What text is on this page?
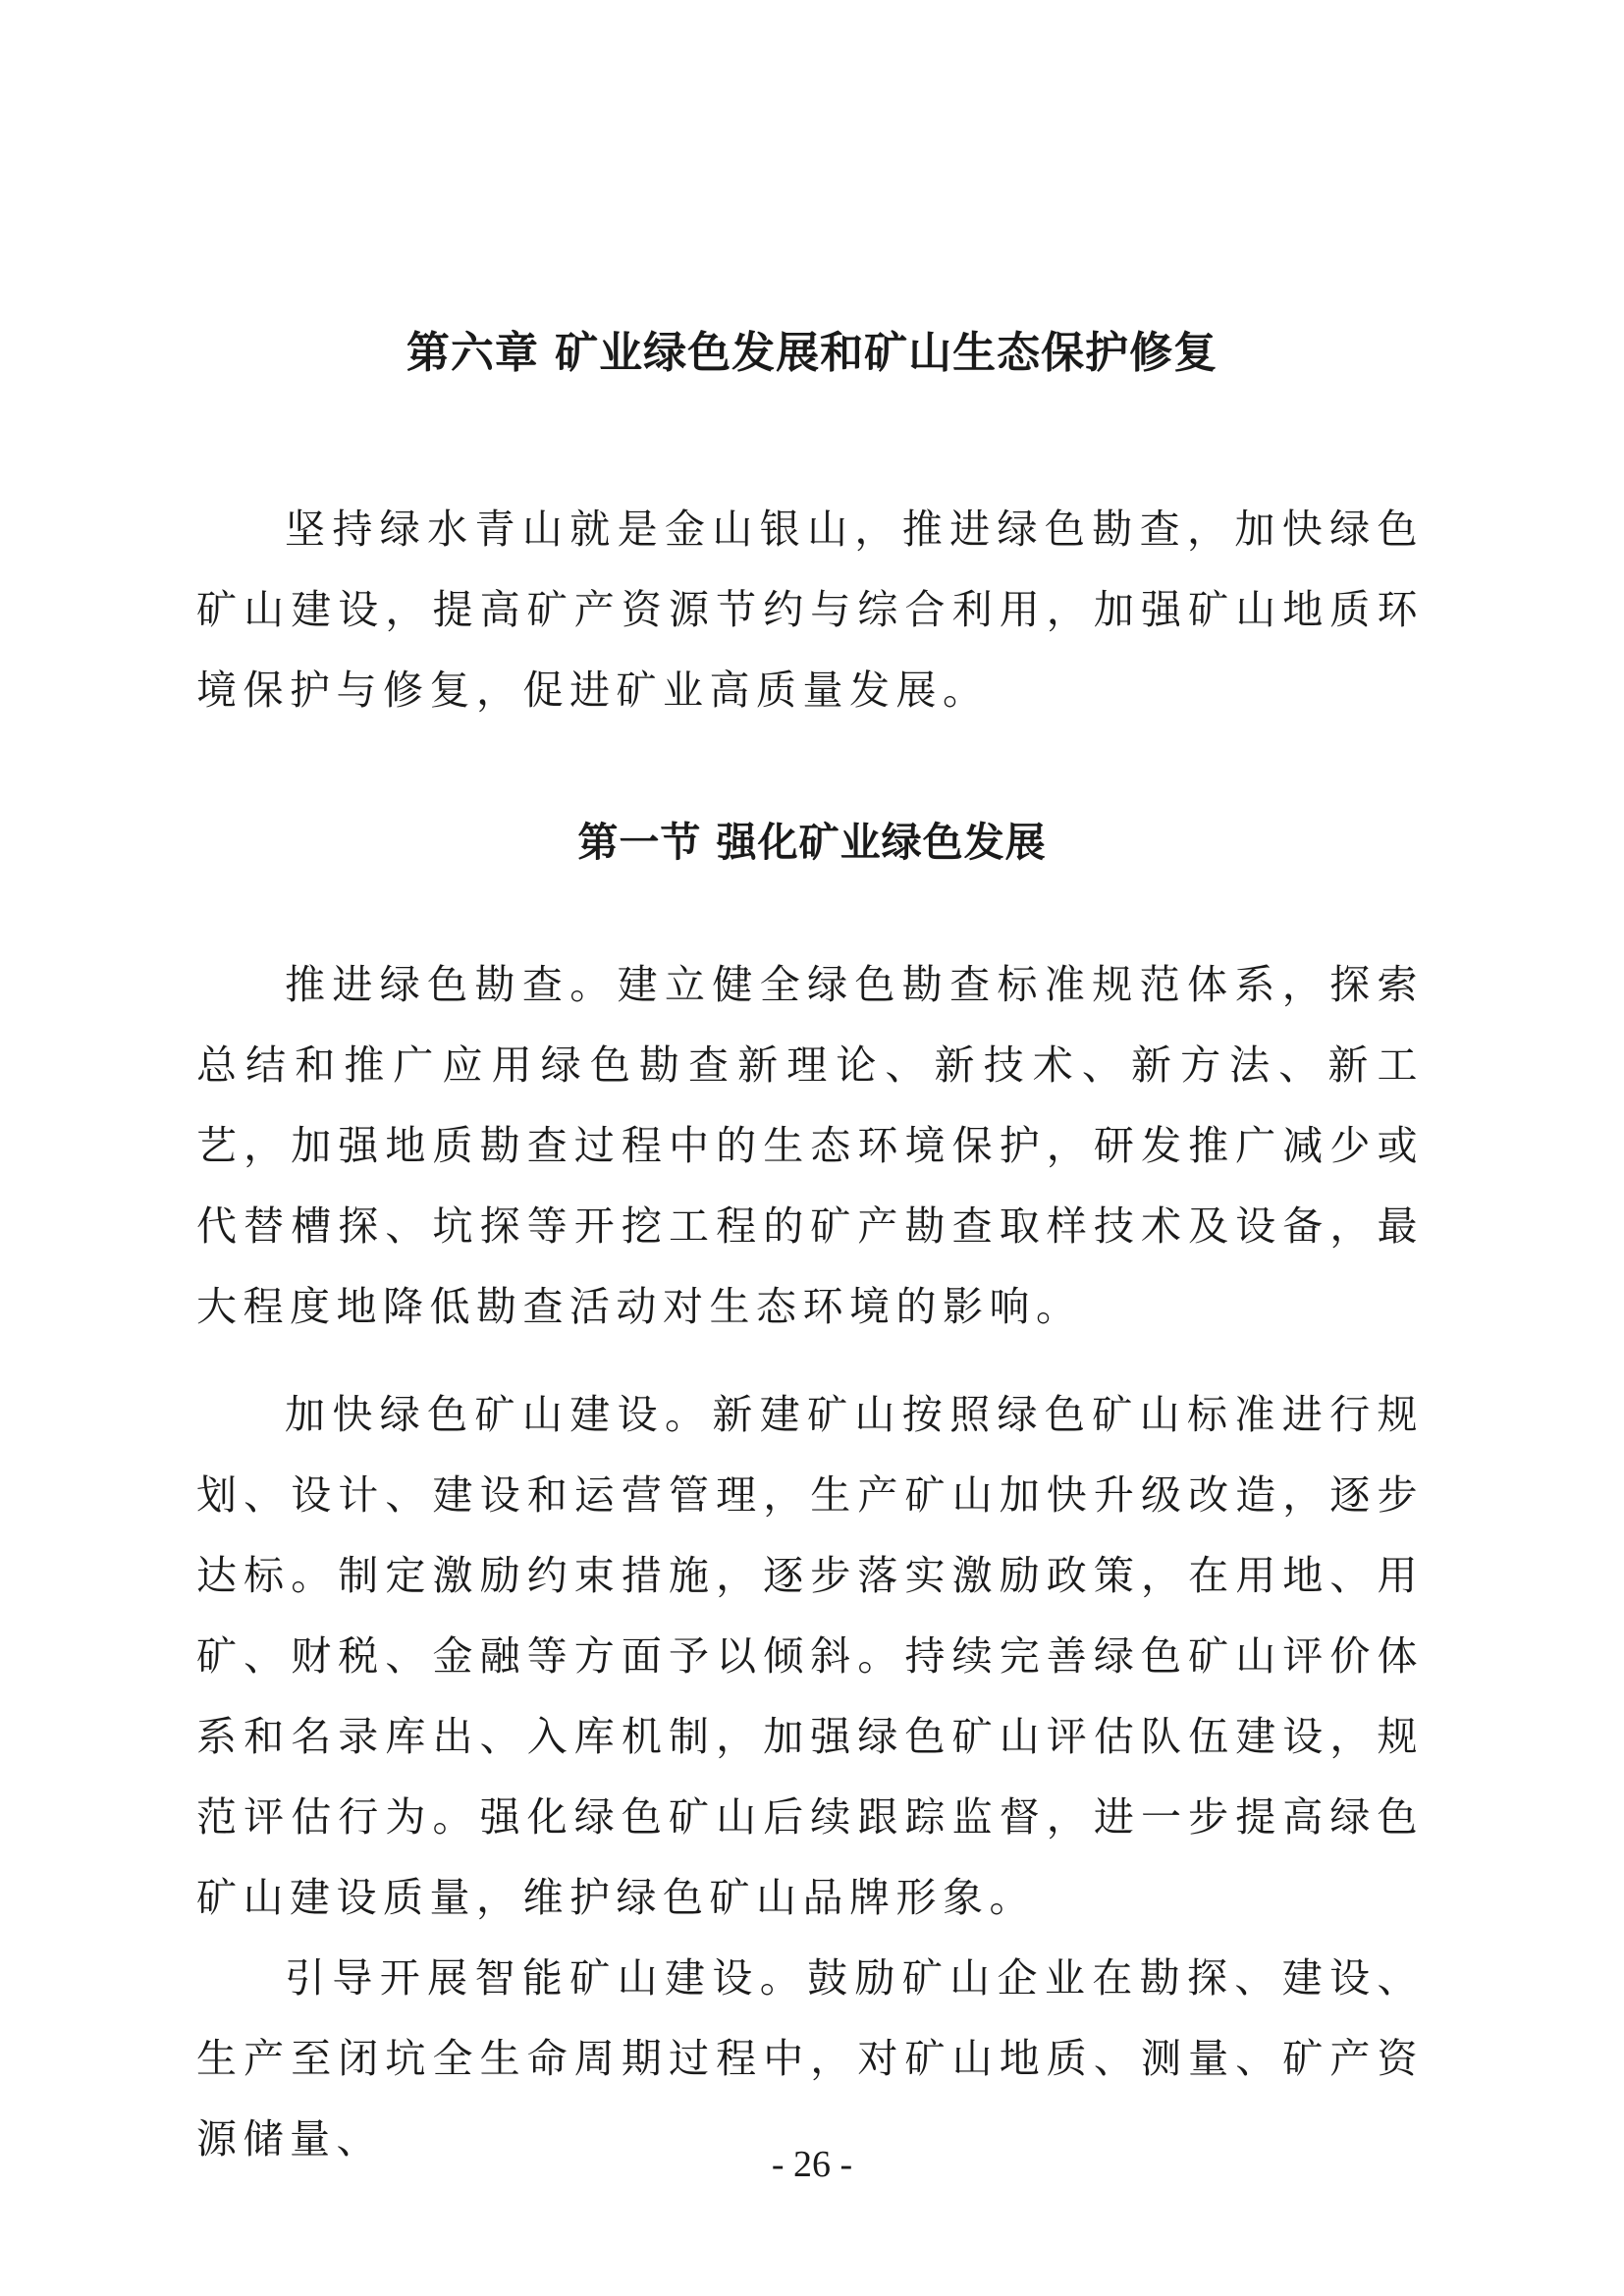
第六章 矿业绿色发展和矿山生态保护修复

坚持绿水青山就是金山银山，推进绿色勘查，加快绿色矿山建设，提高矿产资源节约与综合利用，加强矿山地质环境保护与修复，促进矿业高质量发展。

第一节 强化矿业绿色发展

推进绿色勘查。建立健全绿色勘查标准规范体系，探索总结和推广应用绿色勘查新理论、新技术、新方法、新工艺，加强地质勘查过程中的生态环境保护，研发推广减少或代替槽探、坑探等开挖工程的矿产勘查取样技术及设备，最大程度地降低勘查活动对生态环境的影响。

加快绿色矿山建设。新建矿山按照绿色矿山标准进行规划、设计、建设和运营管理，生产矿山加快升级改造，逐步达标。制定激励约束措施，逐步落实激励政策，在用地、用矿、财税、金融等方面予以倾斜。持续完善绿色矿山评价体系和名录库出、入库机制，加强绿色矿山评估队伍建设，规范评估行为。强化绿色矿山后续跟踪监督，进一步提高绿色矿山建设质量，维护绿色矿山品牌形象。

引导开展智能矿山建设。鼓励矿山企业在勘探、建设、生产至闭坑全生命周期过程中，对矿山地质、测量、矿产资源储量、

- 26 -
